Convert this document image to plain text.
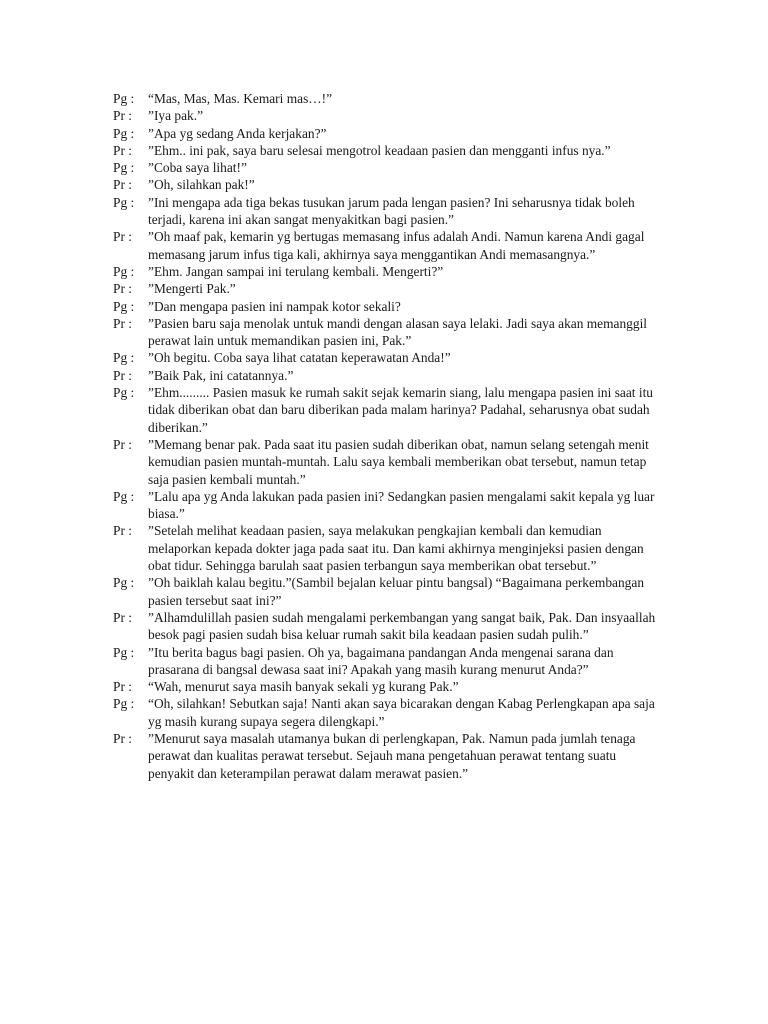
Pg : “Mas, Mas, Mas. Kemari mas…!”
Pr : ”Iya pak.”
Pg : ”Apa yg sedang Anda kerjakan?”
Pr : ”Ehm.. ini pak, saya baru selesai mengotrol keadaan pasien dan mengganti infus nya.”
Pg : ”Coba saya lihat!”
Pr : ”Oh, silahkan pak!”
Pg : ”Ini mengapa ada tiga bekas tusukan jarum pada lengan pasien? Ini seharusnya tidak boleh terjadi, karena ini akan sangat menyakitkan bagi pasien.”
Pr : ”Oh maaf pak, kemarin yg bertugas memasang infus adalah Andi. Namun karena Andi gagal memasang jarum infus tiga kali, akhirnya saya menggantikan Andi memasangnya.”
Pg : ”Ehm. Jangan sampai ini terulang kembali. Mengerti?”
Pr : ”Mengerti Pak.”
Pg : ”Dan mengapa pasien ini nampak kotor sekali?
Pr : ”Pasien baru saja menolak untuk mandi dengan alasan saya lelaki. Jadi saya akan memanggil perawat lain untuk memandikan pasien ini, Pak.”
Pg : ”Oh begitu. Coba saya lihat catatan keperawatan Anda!”
Pr : ”Baik Pak, ini catatannya.”
Pg : ”Ehm......... Pasien masuk ke rumah sakit sejak kemarin siang, lalu mengapa pasien ini saat itu tidak diberikan obat dan baru diberikan pada malam harinya? Padahal, seharusnya obat sudah diberikan.”
Pr : ”Memang benar pak. Pada saat itu pasien sudah diberikan obat, namun selang setengah menit kemudian pasien muntah-muntah. Lalu saya kembali memberikan obat tersebut, namun tetap saja pasien kembali muntah.”
Pg : ”Lalu apa yg Anda lakukan pada pasien ini? Sedangkan pasien mengalami sakit kepala yg luar biasa.”
Pr : ”Setelah melihat keadaan pasien, saya melakukan pengkajian kembali dan kemudian melaporkan kepada dokter jaga pada saat itu. Dan kami akhirnya menginjeksi pasien dengan obat tidur. Sehingga barulah saat pasien terbangun saya memberikan obat tersebut.”
Pg : ”Oh baiklah kalau begitu.”(Sambil bejalan keluar pintu bangsal) “Bagaimana perkembangan pasien tersebut saat ini?”
Pr : ”Alhamdulillah pasien sudah mengalami perkembangan yang sangat baik, Pak. Dan insyaallah besok pagi pasien sudah bisa keluar rumah sakit bila keadaan pasien sudah pulih.”
Pg : ”Itu berita bagus bagi pasien. Oh ya, bagaimana pandangan Anda mengenai sarana dan prasarana di bangsal dewasa saat ini? Apakah yang masih kurang menurut Anda?”
Pr : “Wah, menurut saya masih banyak sekali yg kurang Pak.”
Pg : “Oh, silahkan! Sebutkan saja! Nanti akan saya bicarakan dengan Kabag Perlengkapan apa saja yg masih kurang supaya segera dilengkapi.”
Pr : ”Menurut saya masalah utamanya bukan di perlengkapan, Pak. Namun pada jumlah tenaga perawat dan kualitas perawat tersebut. Sejauh mana pengetahuan perawat tentang suatu penyakit dan keterampilan perawat dalam merawat pasien.”
